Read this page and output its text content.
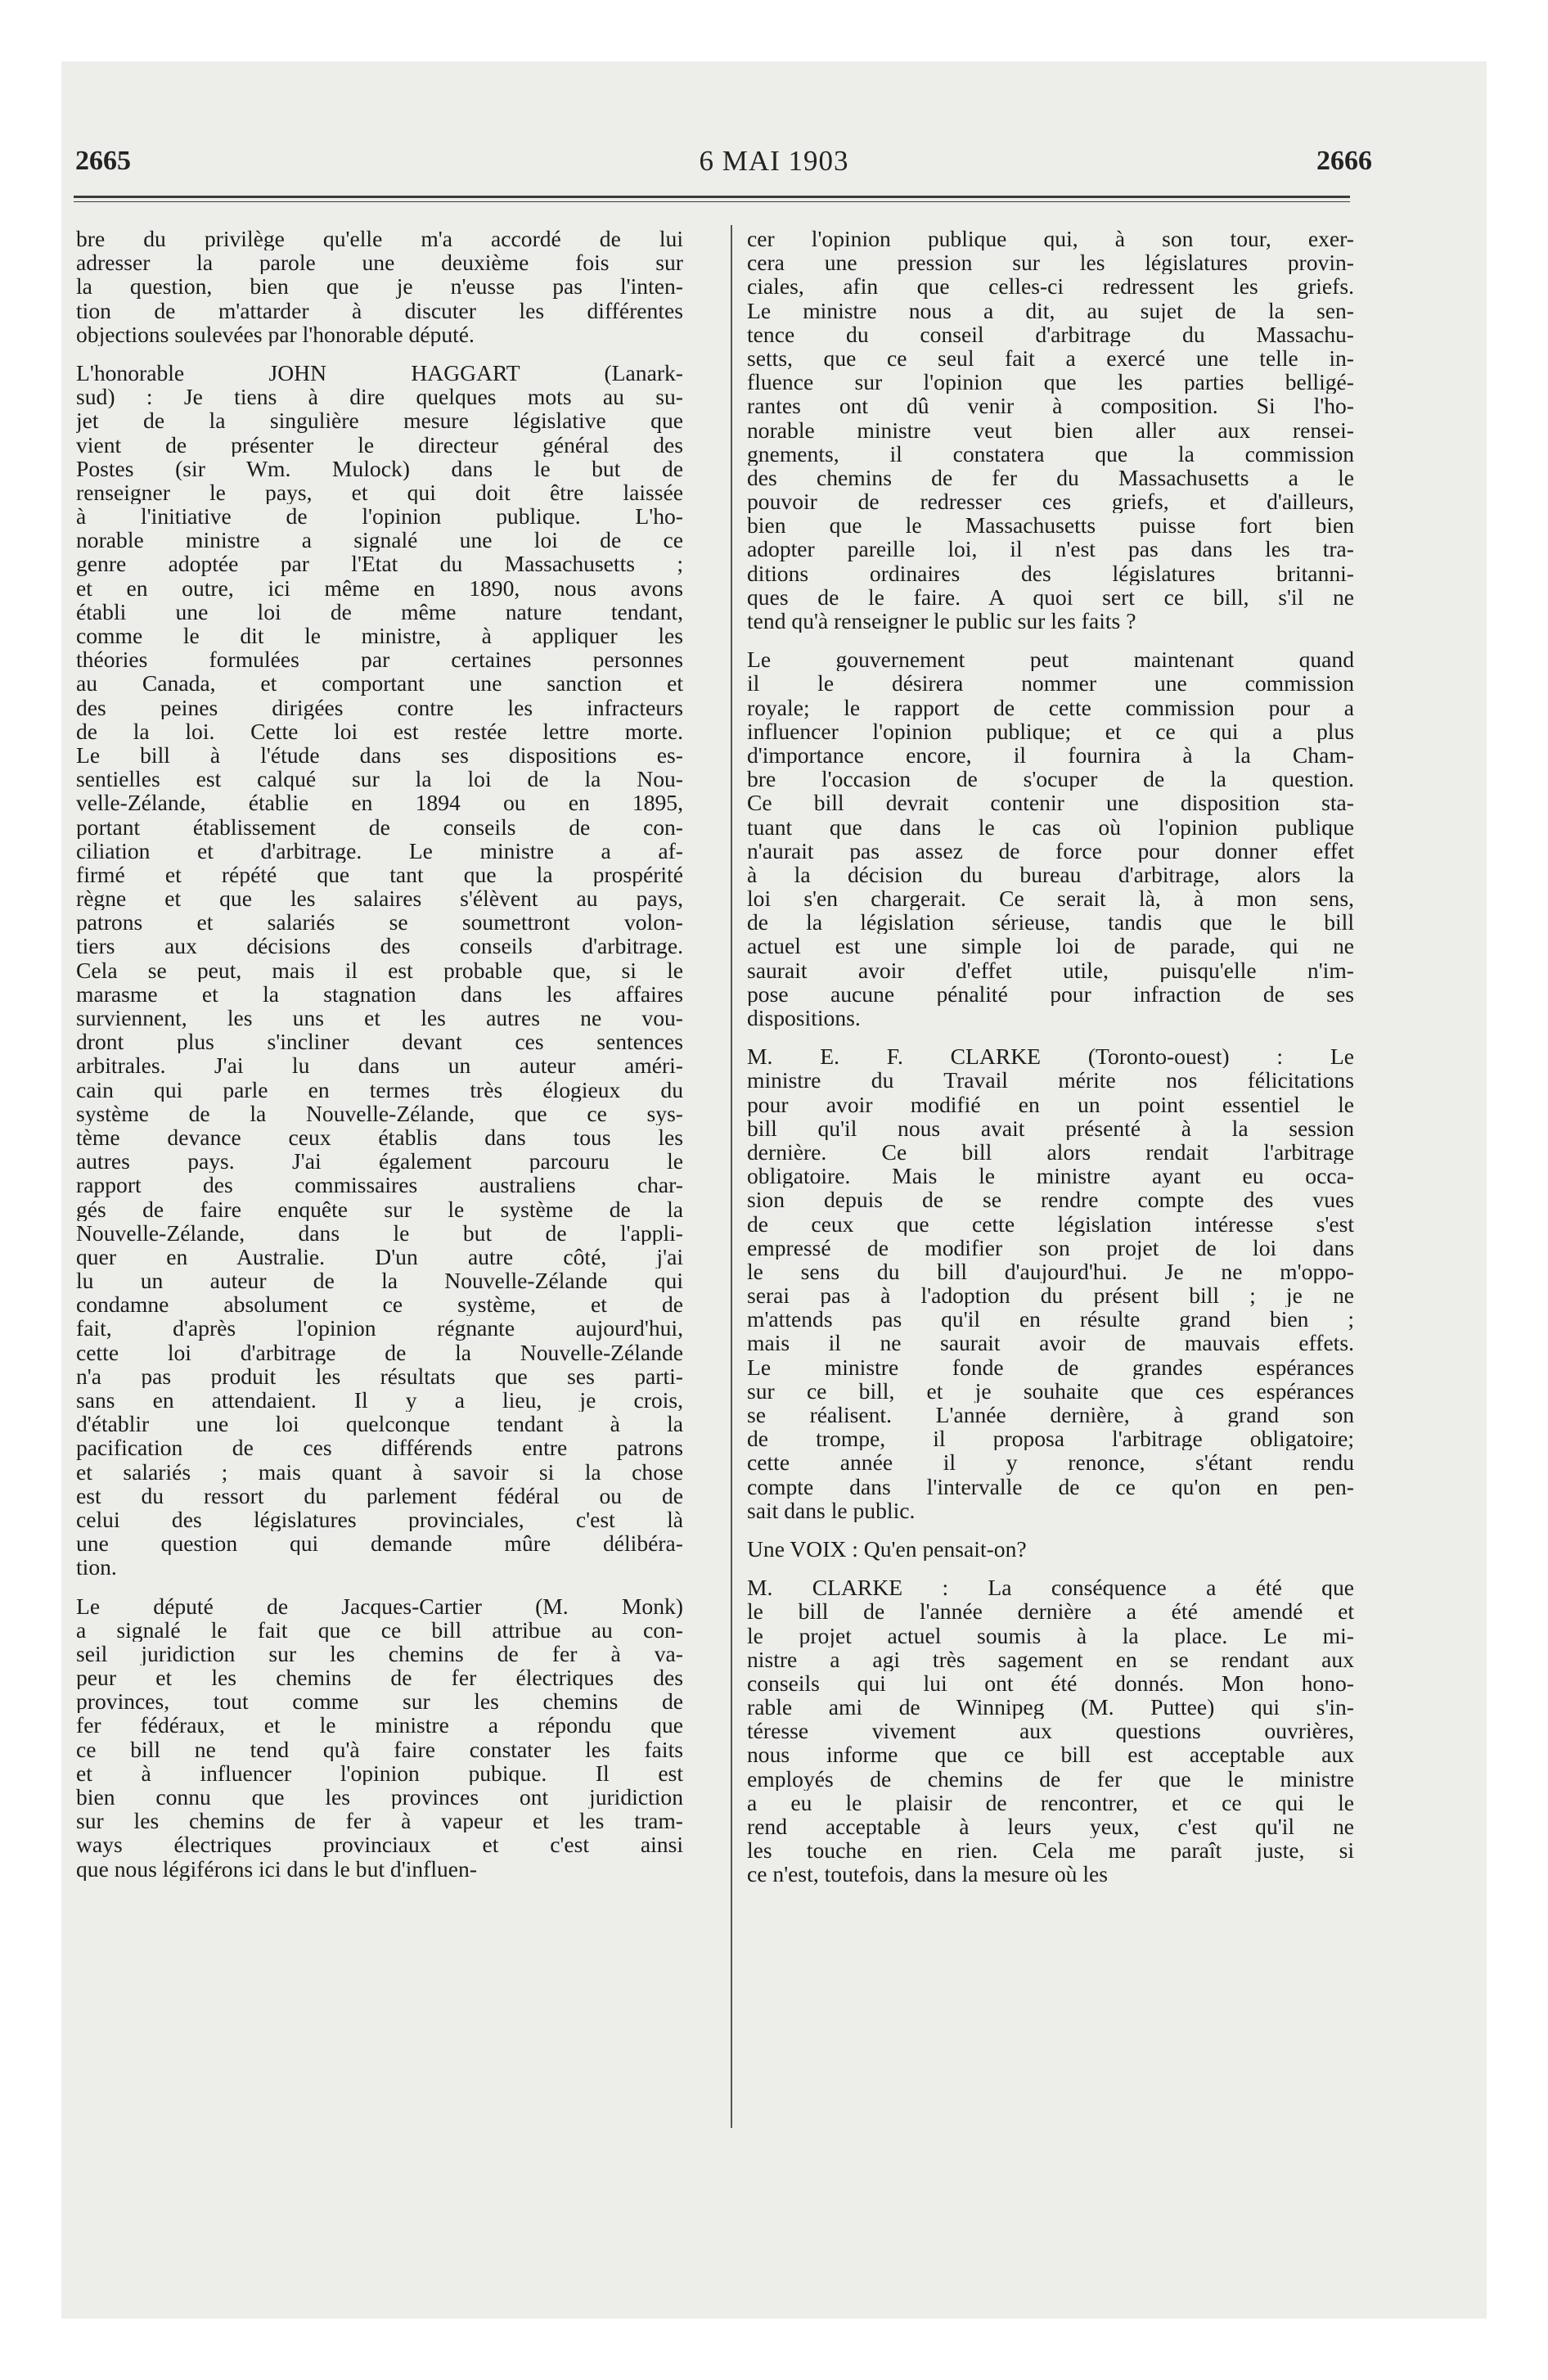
2665	6 MAI 1903	2666
bre du privilège qu'elle m'a accordé de lui
adresser la parole une deuxième fois sur
la question, bien que je n'eusse pas l'inten-
tion de m'attarder à discuter les différentes
objections soulevées par l'honorable député.
L'honorable JOHN HAGGART (Lanark-
sud) : Je tiens à dire quelques mots au su-
jet de la singulière mesure législative que
vient de présenter le directeur général des
Postes (sir Wm. Mulock) dans le but de
renseigner le pays, et qui doit être laissée
à l'initiative de l'opinion publique. L'ho-
norable ministre a signalé une loi de ce
genre adoptée par l'Etat du Massachusetts ;
et en outre, ici même en 1890, nous avons
établi une loi de même nature tendant,
comme le dit le ministre, à appliquer les
théories formulées par certaines personnes
au Canada, et comportant une sanction et
des peines dirigées contre les infracteurs
de la loi. Cette loi est restée lettre morte.
Le bill à l'étude dans ses dispositions es-
sentielles est calqué sur la loi de la Nou-
velle-Zélande, établie en 1894 ou en 1895,
portant établissement de conseils de con-
ciliation et d'arbitrage. Le ministre a af-
firmé et répété que tant que la prospérité
règne et que les salaires s'élèvent au pays,
patrons et salariés se soumettront volon-
tiers aux décisions des conseils d'arbitrage.
Cela se peut, mais il est probable que, si le
marasme et la stagnation dans les affaires
surviennent, les uns et les autres ne vou-
dront plus s'incliner devant ces sentences
arbitrales. J'ai lu dans un auteur améri-
cain qui parle en termes très élogieux du
système de la Nouvelle-Zélande, que ce sys-
tème devance ceux établis dans tous les
autres pays. J'ai également parcouru le
rapport des commissaires australiens char-
gés de faire enquête sur le système de la
Nouvelle-Zélande, dans le but de l'appli-
quer en Australie. D'un autre côté, j'ai
lu un auteur de la Nouvelle-Zélande qui
condamne absolument ce système, et de
fait, d'après l'opinion régnante aujourd'hui,
cette loi d'arbitrage de la Nouvelle-Zélande
n'a pas produit les résultats que ses parti-
sans en attendaient. Il y a lieu, je crois,
d'établir une loi quelconque tendant à la
pacification de ces différends entre patrons
et salariés ; mais quant à savoir si la chose
est du ressort du parlement fédéral ou de
celui des législatures provinciales, c'est là
une question qui demande mûre délibéra-
tion.
Le député de Jacques-Cartier (M. Monk)
a signalé le fait que ce bill attribue au con-
seil juridiction sur les chemins de fer à va-
peur et les chemins de fer électriques des
provinces, tout comme sur les chemins de
fer fédéraux, et le ministre a répondu que
ce bill ne tend qu'à faire constater les faits
et à influencer l'opinion pubique. Il est
bien connu que les provinces ont juridiction
sur les chemins de fer à vapeur et les tram-
ways électriques provinciaux et c'est ainsi
que nous légiférons ici dans le but d'influen-
cer l'opinion publique qui, à son tour, exer-
cera une pression sur les législatures provin-
ciales, afin que celles-ci redressent les griefs.
Le ministre nous a dit, au sujet de la sen-
tence du conseil d'arbitrage du Massachu-
setts, que ce seul fait a exercé une telle in-
fluence sur l'opinion que les parties belligé-
rantes ont dû venir à composition. Si l'ho-
norable ministre veut bien aller aux rensei-
gnements, il constatera que la commission
des chemins de fer du Massachusetts a le
pouvoir de redresser ces griefs, et d'ailleurs,
bien que le Massachusetts puisse fort bien
adopter pareille loi, il n'est pas dans les tra-
ditions ordinaires des législatures britanni-
ques de le faire. A quoi sert ce bill, s'il ne
tend qu'à renseigner le public sur les faits ?
Le gouvernement peut maintenant quand
il le désirera nommer une commission
royale; le rapport de cette commission pour a
influencer l'opinion publique; et ce qui a plus
d'importance encore, il fournira à la Cham-
bre l'occasion de s'ocuper de la question.
Ce bill devrait contenir une disposition sta-
tuant que dans le cas où l'opinion publique
n'aurait pas assez de force pour donner effet
à la décision du bureau d'arbitrage, alors la
loi s'en chargerait. Ce serait là, à mon sens,
de la législation sérieuse, tandis que le bill
actuel est une simple loi de parade, qui ne
saurait avoir d'effet utile, puisqu'elle n'im-
pose aucune pénalité pour infraction de ses
dispositions.
M. E. F. CLARKE (Toronto-ouest) : Le
ministre du Travail mérite nos félicitations
pour avoir modifié en un point essentiel le
bill qu'il nous avait présenté à la session
dernière. Ce bill alors rendait l'arbitrage
obligatoire. Mais le ministre ayant eu occa-
sion depuis de se rendre compte des vues
de ceux que cette législation intéresse s'est
empressé de modifier son projet de loi dans
le sens du bill d'aujourd'hui. Je ne m'oppo-
serai pas à l'adoption du présent bill ; je ne
m'attends pas qu'il en résulte grand bien ;
mais il ne saurait avoir de mauvais effets.
Le ministre fonde de grandes espérances
sur ce bill, et je souhaite que ces espérances
se réalisent. L'année dernière, à grand son
de trompe, il proposa l'arbitrage obligatoire;
cette année il y renonce, s'étant rendu
compte dans l'intervalle de ce qu'on en pen-
sait dans le public.
Une VOIX : Qu'en pensait-on?
M. CLARKE : La conséquence a été que
le bill de l'année dernière a été amendé et
le projet actuel soumis à la place. Le mi-
nistre a agi très sagement en se rendant aux
conseils qui lui ont été donnés. Mon hono-
rable ami de Winnipeg (M. Puttee) qui s'in-
téresse vivement aux questions ouvrières,
nous informe que ce bill est acceptable aux
employés de chemins de fer que le ministre
a eu le plaisir de rencontrer, et ce qui le
rend acceptable à leurs yeux, c'est qu'il ne
les touche en rien. Cela me paraît juste, si
ce n'est, toutefois, dans la mesure où les
